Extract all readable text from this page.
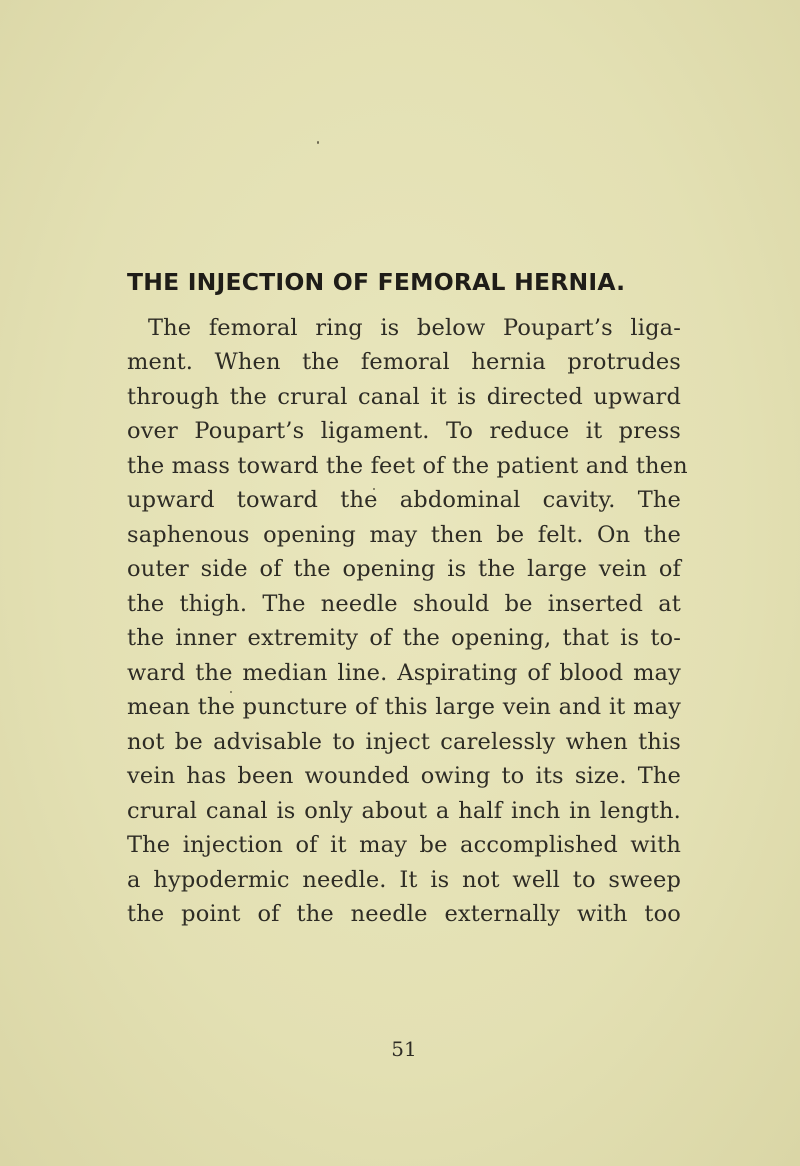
THE INJECTION OF FEMORAL HERNIA.
The femoral ring is below Poupart’s liga-
ment. When the femoral hernia protrudes
through the crural canal it is directed upward
over Poupart’s ligament. To reduce it press
the mass toward the feet of the patient and then
upward toward the abdominal cavity. The
saphenous opening may then be felt. On the
outer side of the opening is the large vein of
the thigh. The needle should be inserted at
the inner extremity of the opening, that is to-
ward the median line. Aspirating of blood may
mean the puncture of this large vein and it may
not be advisable to inject carelessly when this
vein has been wounded owing to its size. The
crural canal is only about a half inch in length.
The injection of it may be accomplished with
a hypodermic needle. It is not well to sweep
the point of the needle externally with too
51
